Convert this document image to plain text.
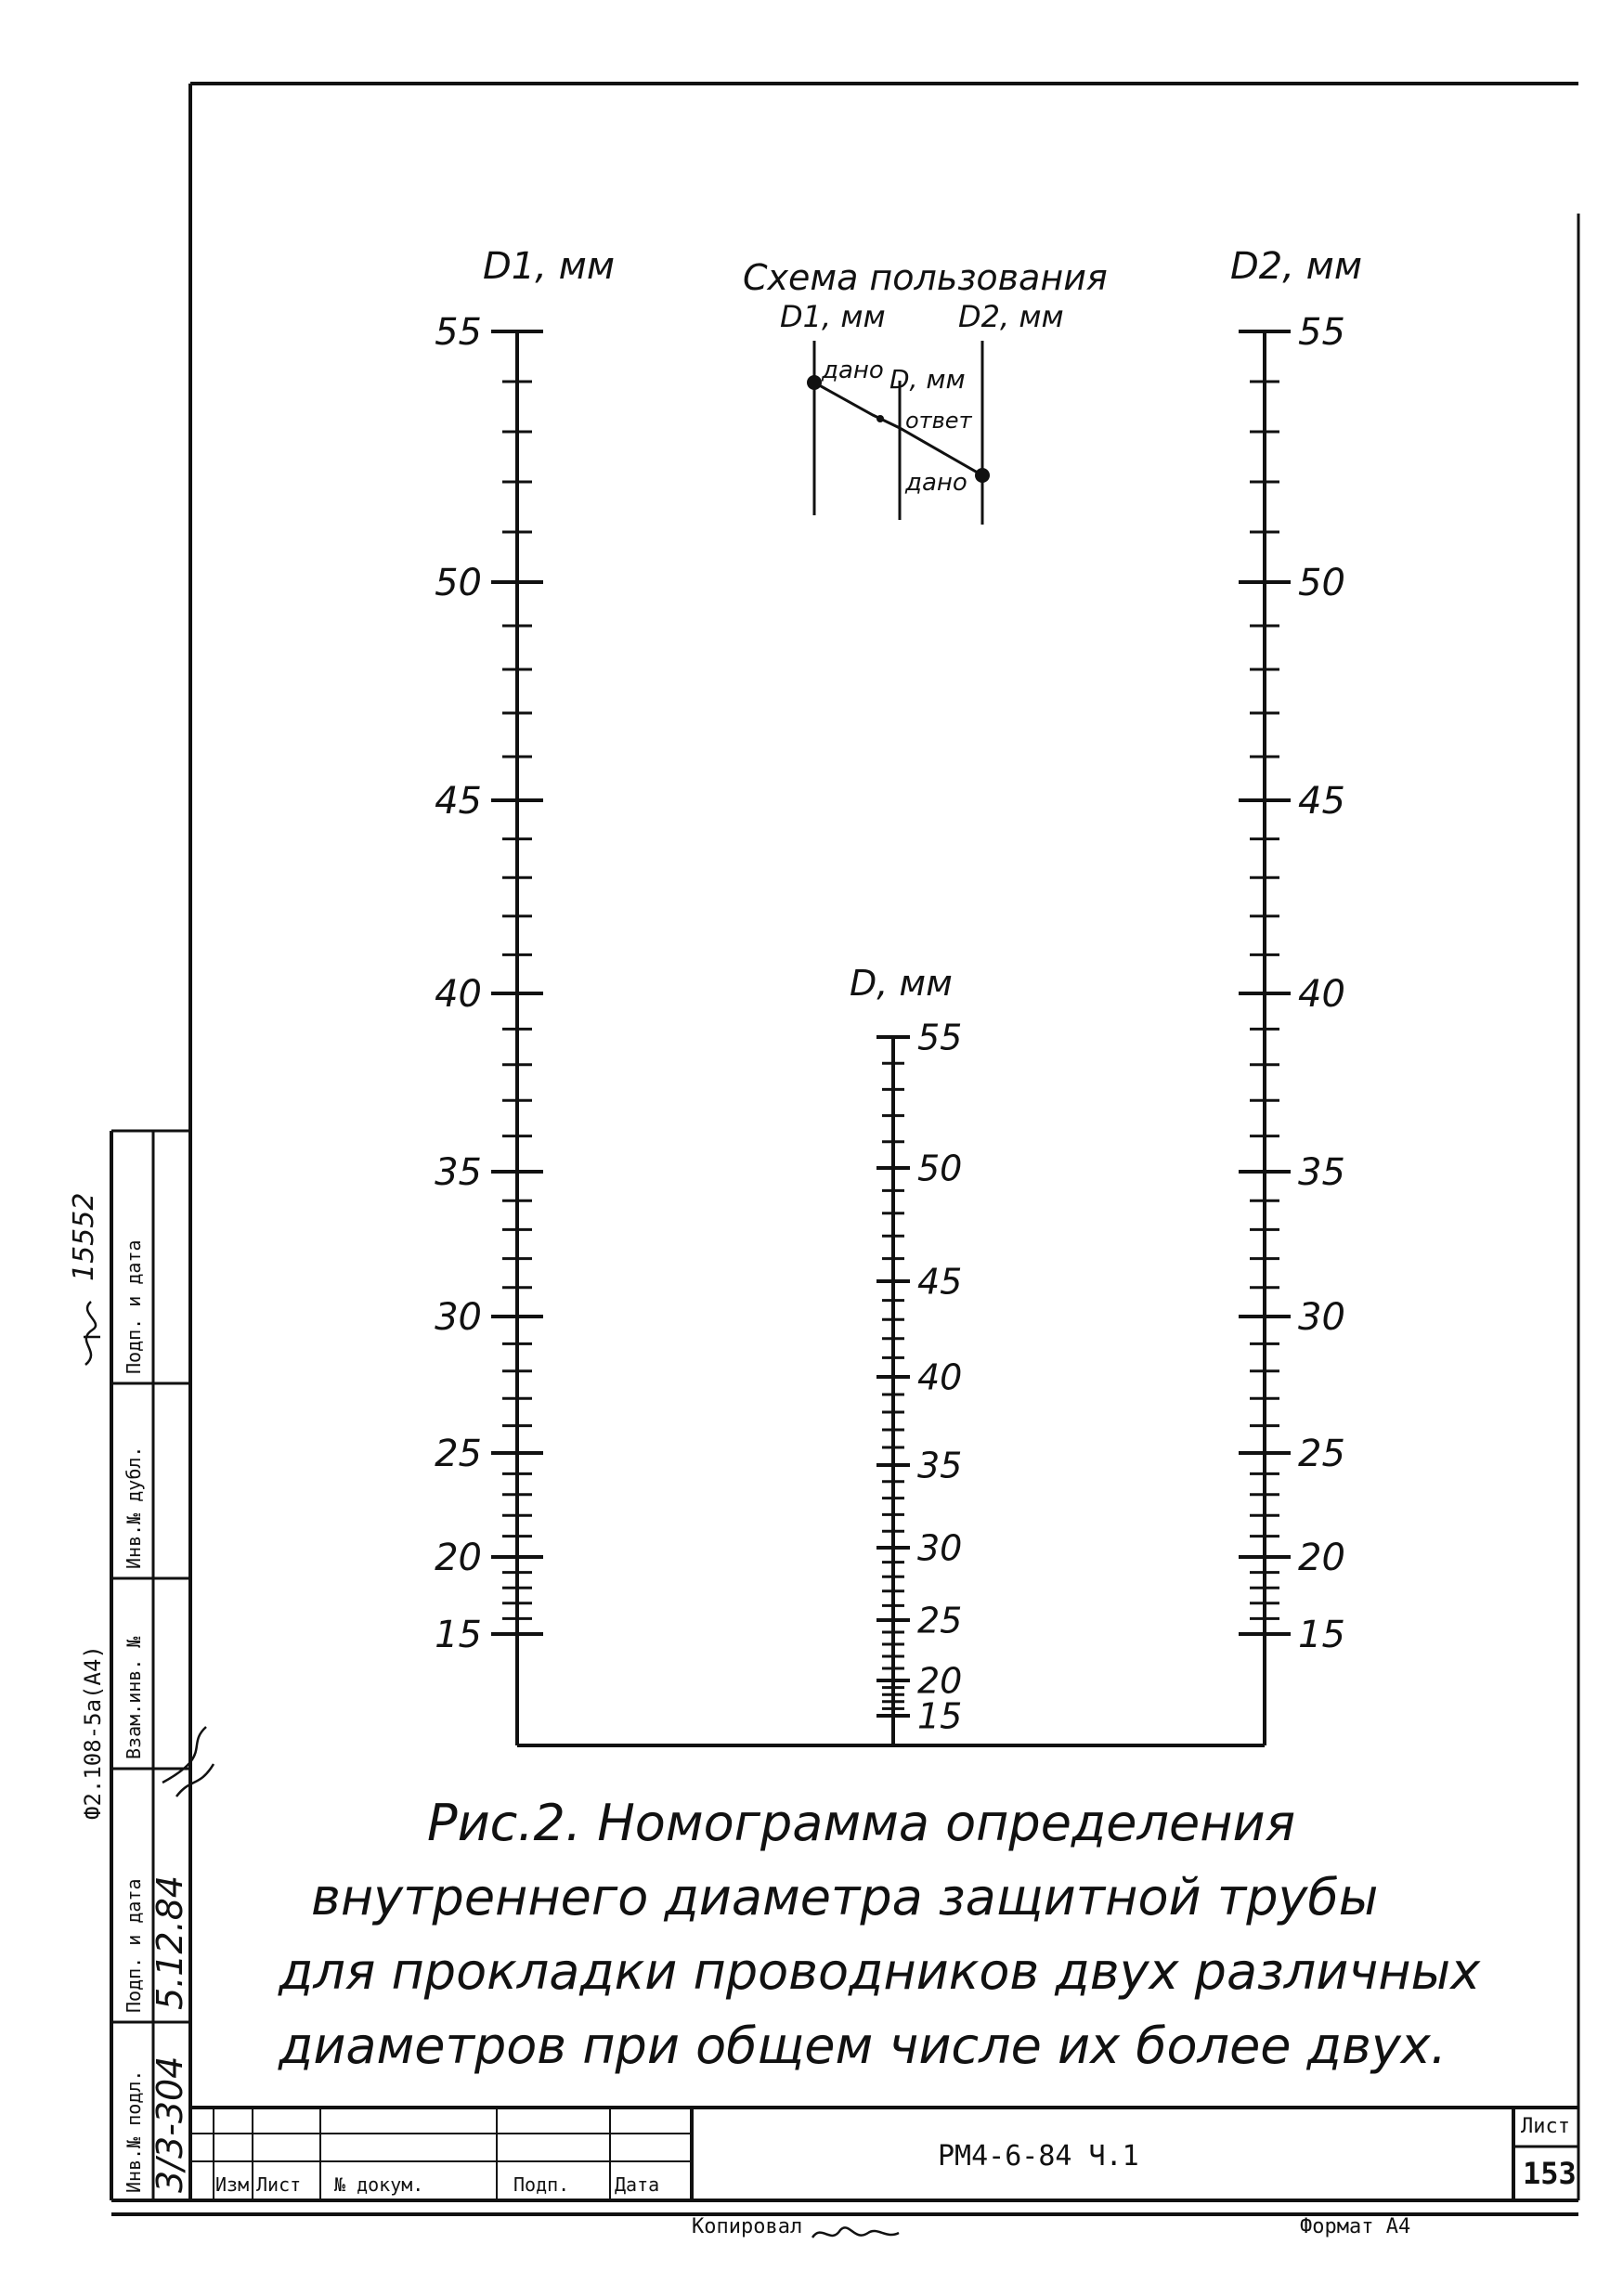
55
50
45
40
35
30
25
20
15
55
50
45
40
35
30
25
20
15
55
50
45
40
35
30
25
20
15
D1, мм	D2, мм
D, мм
Схема пользования
D1, мм D2, мм
D, мм
дано
ответ
дано
Рис.2. Номограмма определения
внутреннего диаметра защитной трубы
для прокладки проводников двух различных
диаметров при общем числе их более двух.
Подп. и дата
Инв.№ дубл.
Взам.инв. №
Подп. и дата
Инв.№ подл.
Ф2.108-5а(А4)
5.12.84
3/3-304
15552
Изм Лист № докум.	Подп. Дата
РМ4-6-84 Ч.1
Лист
153
Копировал	Формат А4
